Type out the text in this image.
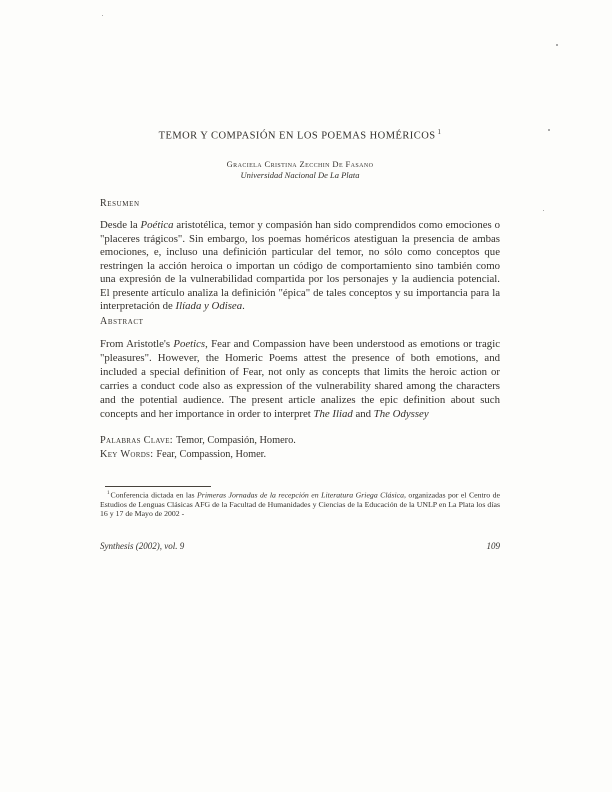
TEMOR Y COMPASIÓN EN LOS POEMAS HOMÉRICOS $^1$
Graciela Cristina Zecchin De Fasano
Universidad Nacional De La Plata
Resumen

Desde la Poética aristotélica, temor y compasión han sido comprendidos como emociones o "placeres trágicos". Sin embargo, los poemas homéricos atestiguan la presencia de ambas emociones, e, incluso una definición particular del temor, no sólo como conceptos que restringen la acción heroica o importan un código de comportamiento sino también como una expresión de la vulnerabilidad compartida por los personajes y la audiencia potencial. El presente artículo analiza la definición "épica" de tales conceptos y su importancia para la interpretación de Ilíada y Odisea.

Abstract

From Aristotle's Poetics, Fear and Compassion have been understood as emotions or tragic "pleasures". However, the Homeric Poems attest the presence of both emotions, and included a special definition of Fear, not only as concepts that limits the heroic action or carries a conduct code also as expression of the vulnerability shared among the characters and the potential audience. The present article analizes the epic definition about such concepts and her importance in order to interpret The Iliad and The Odyssey

Palabras Clave: Temor, Compasión, Homero.
Key Words: Fear, Compassion, Homer.

$^1$Conferencia dictada en las Primeras Jornadas de la recepción en Literatura Griega Clásica, organizadas por el Centro de Estudios de Lenguas Clásicas AFG de la Facultad de Humanidades y Ciencias de la Educación de la UNLP en La Plata los días 16 y 17 de Mayo de 2002 -

Synthesis (2002), vol. 9	109
